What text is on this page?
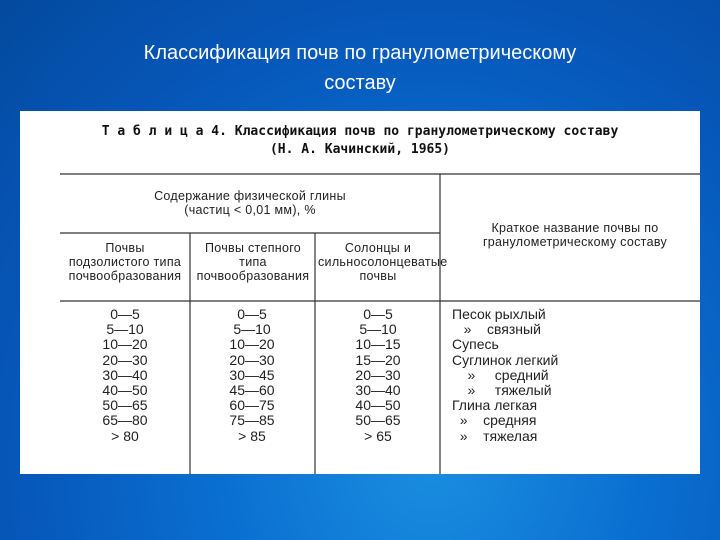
Классификация почв по гранулометрическому
составу
Т а б л и ц а 4. Классификация почв по гранулометрическому составу
(Н. А. Качинский, 1965)
Содержание физической глины (частиц < 0,01 мм), %
Краткое название почвы по гранулометрическому составу
Почвы подзолистого типа почвообразования
Почвы степного типа почвообразования
Солонцы и сильносолонцеватые почвы
0—5
5—10
10—20
20—30
30—40
40—50
50—65
65—80
> 80
0—5
5—10
10—20
20—30
30—45
45—60
60—75
75—85
> 85
0—5
5—10
10—15
15—20
20—30
30—40
40—50
50—65
> 65
Песок рыхлый
»    связный
Супесь
Суглинок легкий
»     средний
»     тяжелый
Глина легкая
»    средняя
»    тяжелая
